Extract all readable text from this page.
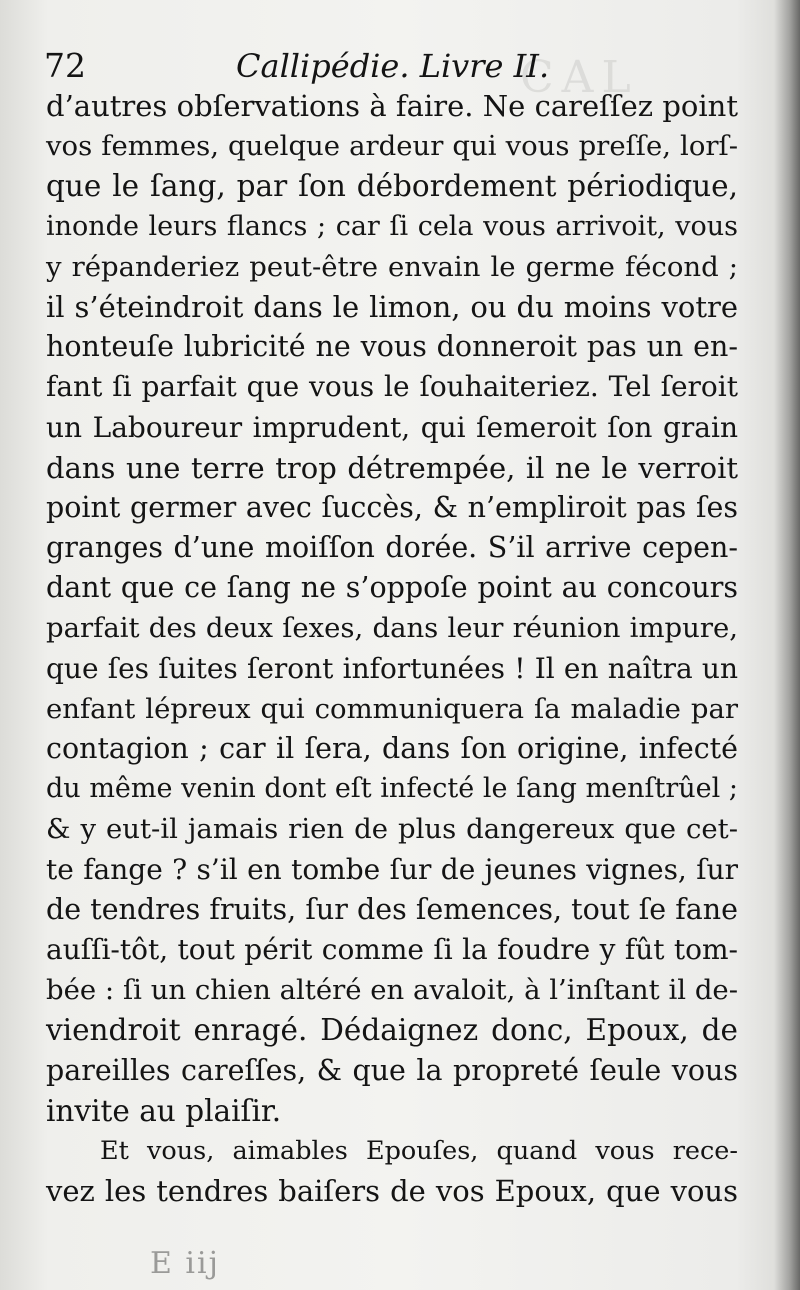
CAL
72	Callipédie. Livre II.
d’autres obſervations à faire. Ne careſſez point
vos femmes, quelque ardeur qui vous preſſe, lorſ-
que le ſang, par ſon débordement périodique,
inonde leurs flancs ; car ſi cela vous arrivoit, vous
y répanderiez peut-être envain le germe fécond ;
il s’éteindroit dans le limon, ou du moins votre
honteuſe lubricité ne vous donneroit pas un en-
fant ſi parfait que vous le ſouhaiteriez. Tel ſeroit
un Laboureur imprudent, qui ſemeroit ſon grain
dans une terre trop détrempée, il ne le verroit
point germer avec ſuccès, & n’empliroit pas ſes
granges d’une moiſſon dorée. S’il arrive cepen-
dant que ce ſang ne s’oppoſe point au concours
parfait des deux ſexes, dans leur réunion impure,
que ſes ſuites ſeront infortunées ! Il en naîtra un
enfant lépreux qui communiquera ſa maladie par
contagion ; car il ſera, dans ſon origine, infecté
du même venin dont eſt infecté le ſang menſtrûel ;
& y eut-il jamais rien de plus dangereux que cet-
te fange ? s’il en tombe ſur de jeunes vignes, ſur
de tendres fruits, ſur des ſemences, tout ſe fane
auſſi-tôt, tout périt comme ſi la foudre y fût tom-
bée : ſi un chien altéré en avaloit, à l’inſtant il de-
viendroit enragé. Dédaignez donc, Epoux, de
pareilles careſſes, & que la propreté ſeule vous
invite au plaiſir.
Et vous, aimables Epouſes, quand vous rece-
vez les tendres baiſers de vos Epoux, que vous
E iij
